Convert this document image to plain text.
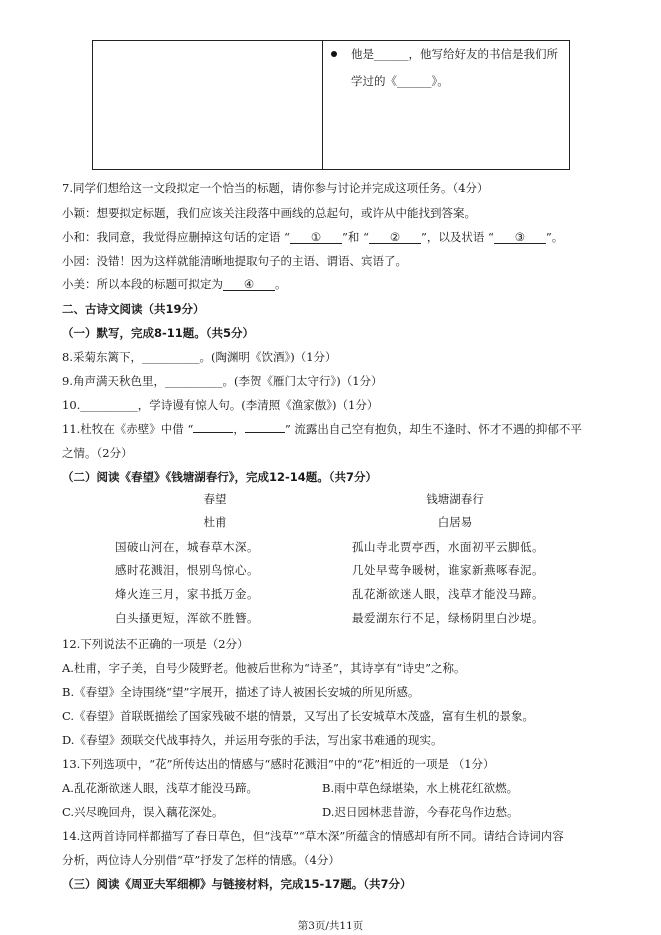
他是______，他写给好友的书信是我们所
学过的《______》。
7.同学们想给这一文段拟定一个恰当的标题，请你参与讨论并完成这项任务。（4分）
小颖：想要拟定标题，我们应该关注段落中画线的总起句，或许从中能找到答案。
小和：我同意，我觉得应删掉这句话的定语 “ ① ”和 “ ② ”，以及状语 “ ③ ”。
小园：没错！因为这样就能清晰地提取句子的主语、谓语、宾语了。
小美：所以本段的标题可拟定为 ④ 。
二、古诗文阅读（共19分）
（一）默写，完成8-11题。（共5分）
8.采菊东篱下，__________。(陶渊明《饮酒》)（1分）
9.角声满天秋色里，__________。(李贺《雁门太守行》)（1分）
10.__________，学诗谩有惊人句。(李清照《渔家傲》)（1分）
11.杜牧在《赤壁》中借 “	，	” 流露出自己空有抱负，却生不逢时、怀才不遇的抑郁不平
之情。（2分）
（二）阅读《春望》《钱塘湖春行》，完成12-14题。（共7分）
春望
杜甫
国破山河在，城春草木深。
感时花溅泪，恨别鸟惊心。
烽火连三月，家书抵万金。
白头搔更短，浑欲不胜簪。
钱塘湖春行
白居易
孤山寺北贾亭西，水面初平云脚低。
几处早莺争暖树，谁家新燕啄春泥。
乱花渐欲迷人眼，浅草才能没马蹄。
最爱湖东行不足，绿杨阴里白沙堤。
12.下列说法不正确的一项是（2分）
A.杜甫，字子美，自号少陵野老。他被后世称为“诗圣”，其诗享有“诗史”之称。
B.《春望》全诗围绕“望”字展开，描述了诗人被困长安城的所见所感。
C.《春望》首联既描绘了国家残破不堪的情景，又写出了长安城草木茂盛，富有生机的景象。
D.《春望》颈联交代战事持久，并运用夸张的手法，写出家书难通的现实。
13.下列选项中，“花”所传达出的情感与“感时花溅泪”中的“花”相近的一项是 （1分）
A.乱花渐欲迷人眼，浅草才能没马蹄。	B.雨中草色绿堪染，水上桃花红欲燃。
C.兴尽晚回舟，误入藕花深处。	D.迟日园林悲昔游，今春花鸟作边愁。
14.这两首诗同样都描写了春日草色，但“浅草”“草木深”所蕴含的情感却有所不同。请结合诗词内容
分析，两位诗人分别借“草”抒发了怎样的情感。（4分）
（三）阅读《周亚夫军细柳》与链接材料，完成15-17题。（共7分）
第3页/共11页
